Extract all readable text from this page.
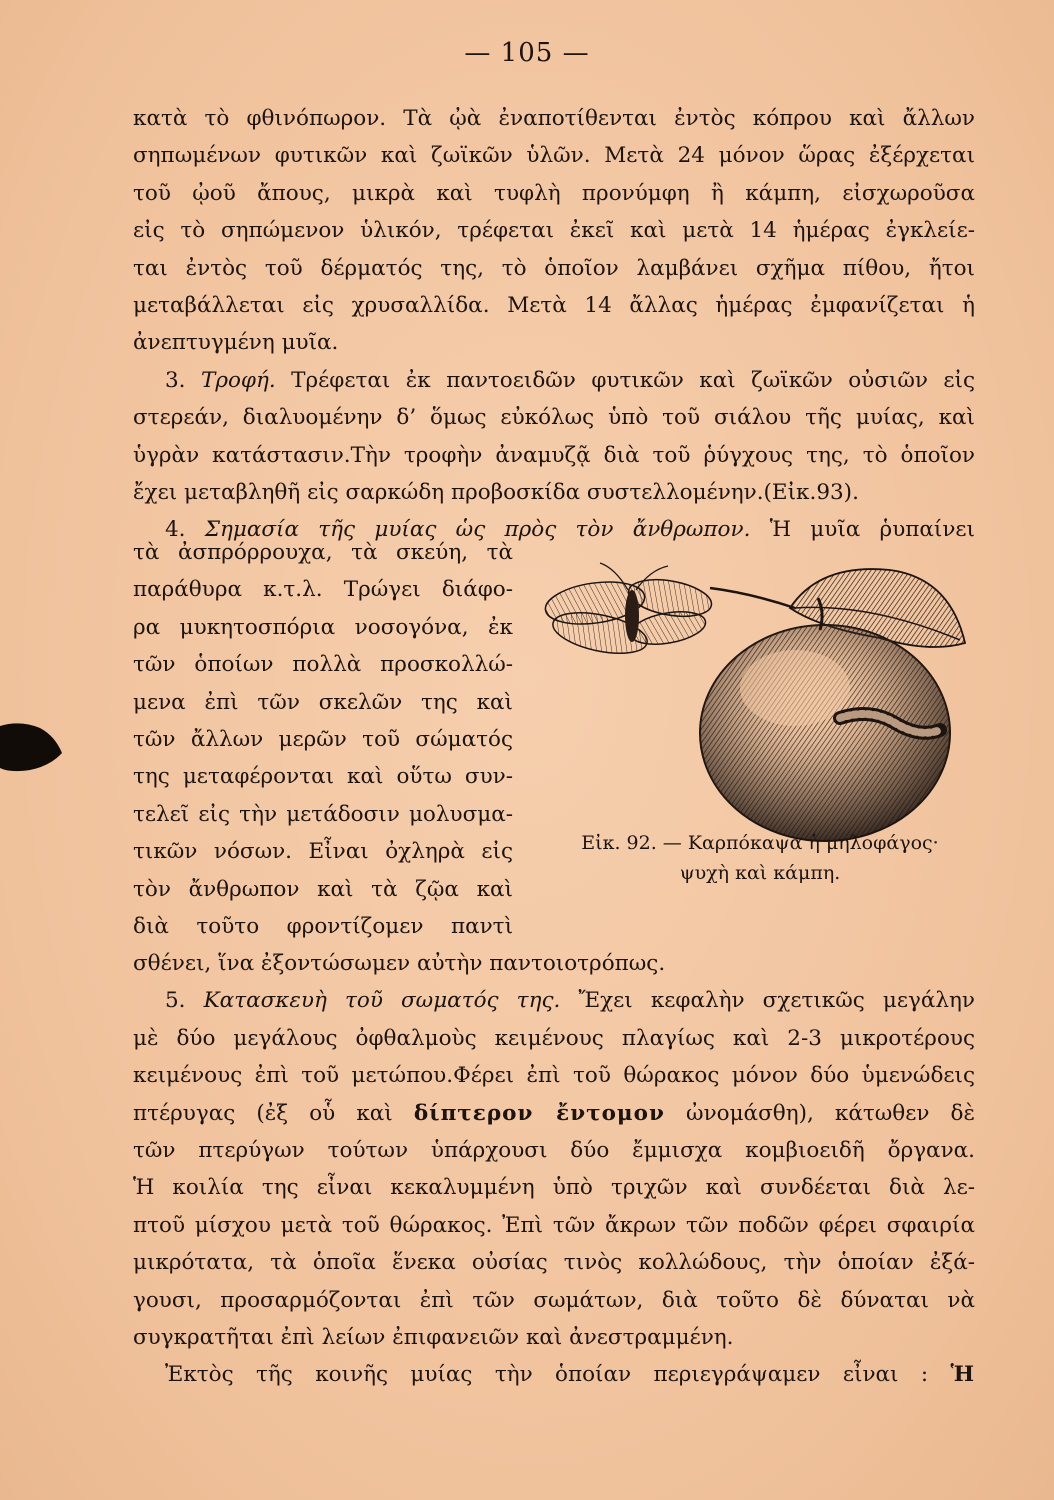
— 105 —
κατὰ τὸ φθινόπωρον. Τὰ ᾠὰ ἐναποτίθενται ἐντὸς κόπρου καὶ ἄλλων
σηπωμένων φυτικῶν καὶ ζωϊκῶν ὑλῶν. Μετὰ 24 μόνον ὥρας ἐξέρχεται
τοῦ ᾠοῦ ἄπους, μικρὰ καὶ τυφλὴ προνύμφη ἢ κάμπη, εἰσχωροῦσα
εἰς τὸ σηπώμενον ὑλικόν, τρέφεται ἐκεῖ καὶ μετὰ 14 ἡμέρας ἐγκλείε-
ται ἐντὸς τοῦ δέρματός της, τὸ ὁποῖον λαμβάνει σχῆμα πίθου, ἤτοι
μεταβάλλεται εἰς χρυσαλλίδα. Μετὰ 14 ἄλλας ἡμέρας ἐμφανίζεται ἡ
ἀνεπτυγμένη μυῖα.
3. Τροφή. Τρέφεται ἐκ παντοειδῶν φυτικῶν καὶ ζωϊκῶν οὐσιῶν εἰς
στερεάν, διαλυομένην δ’ ὅμως εὐκόλως ὑπὸ τοῦ σιάλου τῆς μυίας, καὶ
ὑγρὰν κατάστασιν.Τὴν τροφὴν ἀναμυζᾷ διὰ τοῦ ῥύγχους της, τὸ ὁποῖον
ἔχει μεταβληθῆ εἰς σαρκώδη προβοσκίδα συστελλομένην.(Εἰκ.93).
4. Σημασία τῆς μυίας ὡς πρὸς τὸν ἄνθρωπον. Ἡ μυῖα ῥυπαίνει
τὰ ἀσπρόρρουχα, τὰ σκεύη, τὰ
παράθυρα κ.τ.λ. Τρώγει διάφο-
ρα μυκητοσπόρια νοσογόνα, ἐκ
τῶν ὁποίων πολλὰ προσκολλώ-
μενα ἐπὶ τῶν σκελῶν της καὶ
τῶν ἄλλων μερῶν τοῦ σώματός
της μεταφέρονται καὶ οὕτω συν-
τελεῖ εἰς τὴν μετάδοσιν μολυσμα-
τικῶν νόσων. Εἶναι ὀχληρὰ εἰς
τὸν ἄνθρωπον καὶ τὰ ζῷα καὶ
διὰ τοῦτο φροντίζομεν παντὶ
Εἰκ. 92. — Καρπόκαψα ἡ μηλοφάγος·
ψυχὴ καὶ κάμπη.
σθένει, ἵνα ἐξοντώσωμεν αὐτὴν παντοιοτρόπως.
5. Κατασκευὴ τοῦ σωματός της. Ἔχει κεφαλὴν σχετικῶς μεγάλην
μὲ δύο μεγάλους ὀφθαλμοὺς κειμένους πλαγίως καὶ 2-3 μικροτέρους
κειμένους ἐπὶ τοῦ μετώπου.Φέρει ἐπὶ τοῦ θώρακος μόνον δύο ὑμενώδεις
πτέρυγας (ἐξ οὗ καὶ δίπτερον ἔντομον ὠνομάσθη), κάτωθεν δὲ
τῶν πτερύγων τούτων ὑπάρχουσι δύο ἔμμισχα κομβιοειδῆ ὄργανα.
Ἡ κοιλία της εἶναι κεκαλυμμένη ὑπὸ τριχῶν καὶ συνδέεται διὰ λε-
πτοῦ μίσχου μετὰ τοῦ θώρακος. Ἐπὶ τῶν ἄκρων τῶν ποδῶν φέρει σφαιρία
μικρότατα, τὰ ὁποῖα ἕνεκα οὐσίας τινὸς κολλώδους, τὴν ὁποίαν ἐξά-
γουσι, προσαρμόζονται ἐπὶ τῶν σωμάτων, διὰ τοῦτο δὲ δύναται νὰ
συγκρατῆται ἐπὶ λείων ἐπιφανειῶν καὶ ἀνεστραμμένη.
Ἐκτὸς τῆς κοινῆς μυίας τὴν ὁποίαν περιεγράψαμεν εἶναι : Ἡ
